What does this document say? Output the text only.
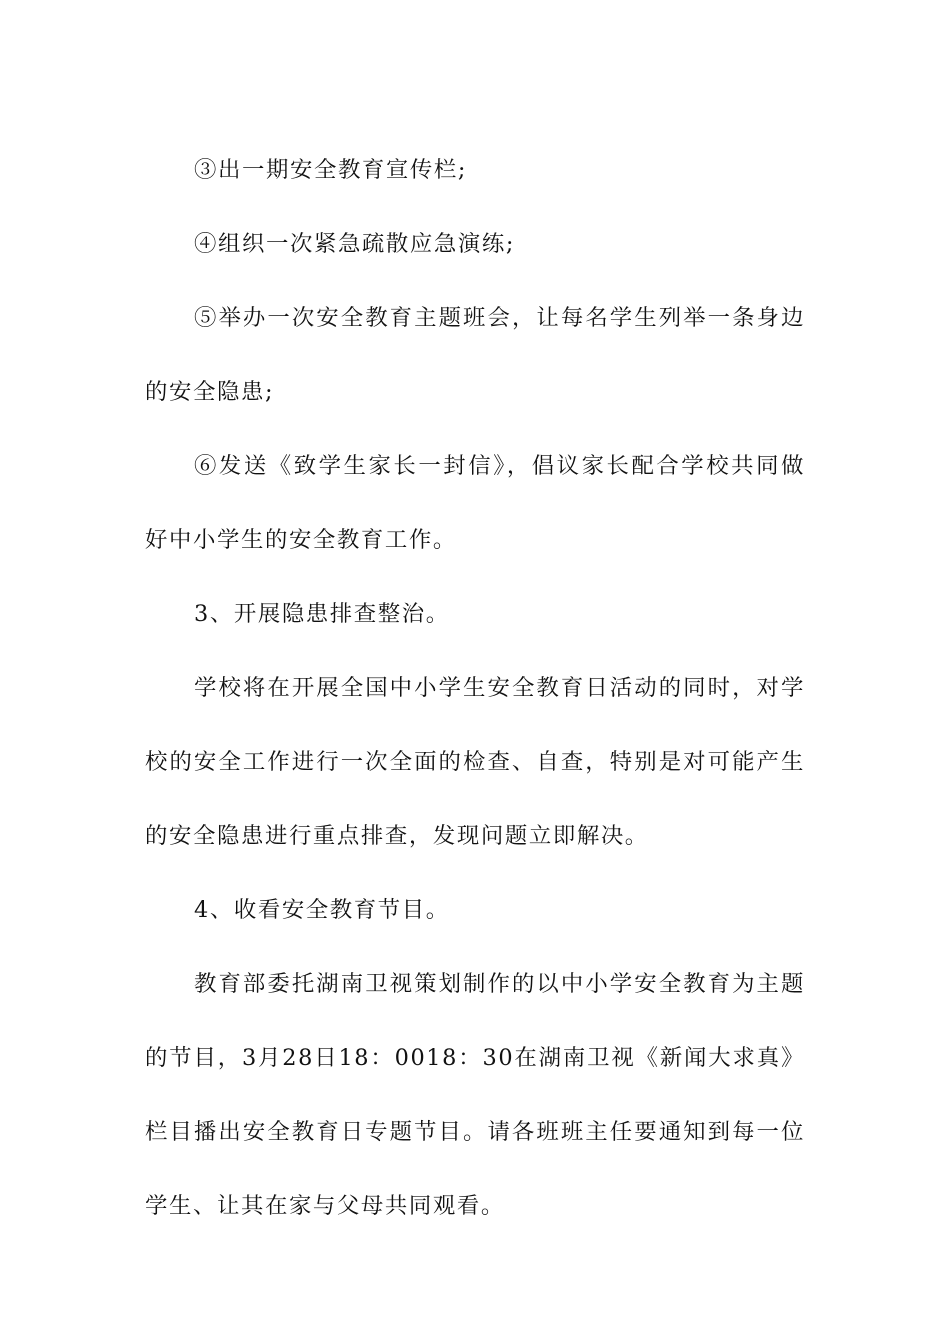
③出一期安全教育宣传栏;

④组织一次紧急疏散应急演练;

⑤举办一次安全教育主题班会，让每名学生列举一条身边的安全隐患;

⑥发送《致学生家长一封信》，倡议家长配合学校共同做好中小学生的安全教育工作。

3、开展隐患排查整治。

学校将在开展全国中小学生安全教育日活动的同时，对学校的安全工作进行一次全面的检查、自查，特别是对可能产生的安全隐患进行重点排查，发现问题立即解决。

4、收看安全教育节目。

教育部委托湖南卫视策划制作的以中小学安全教育为主题的节目，3月28日18：0018：30在湖南卫视《新闻大求真》栏目播出安全教育日专题节目。请各班班主任要通知到每一位学生、让其在家与父母共同观看。
